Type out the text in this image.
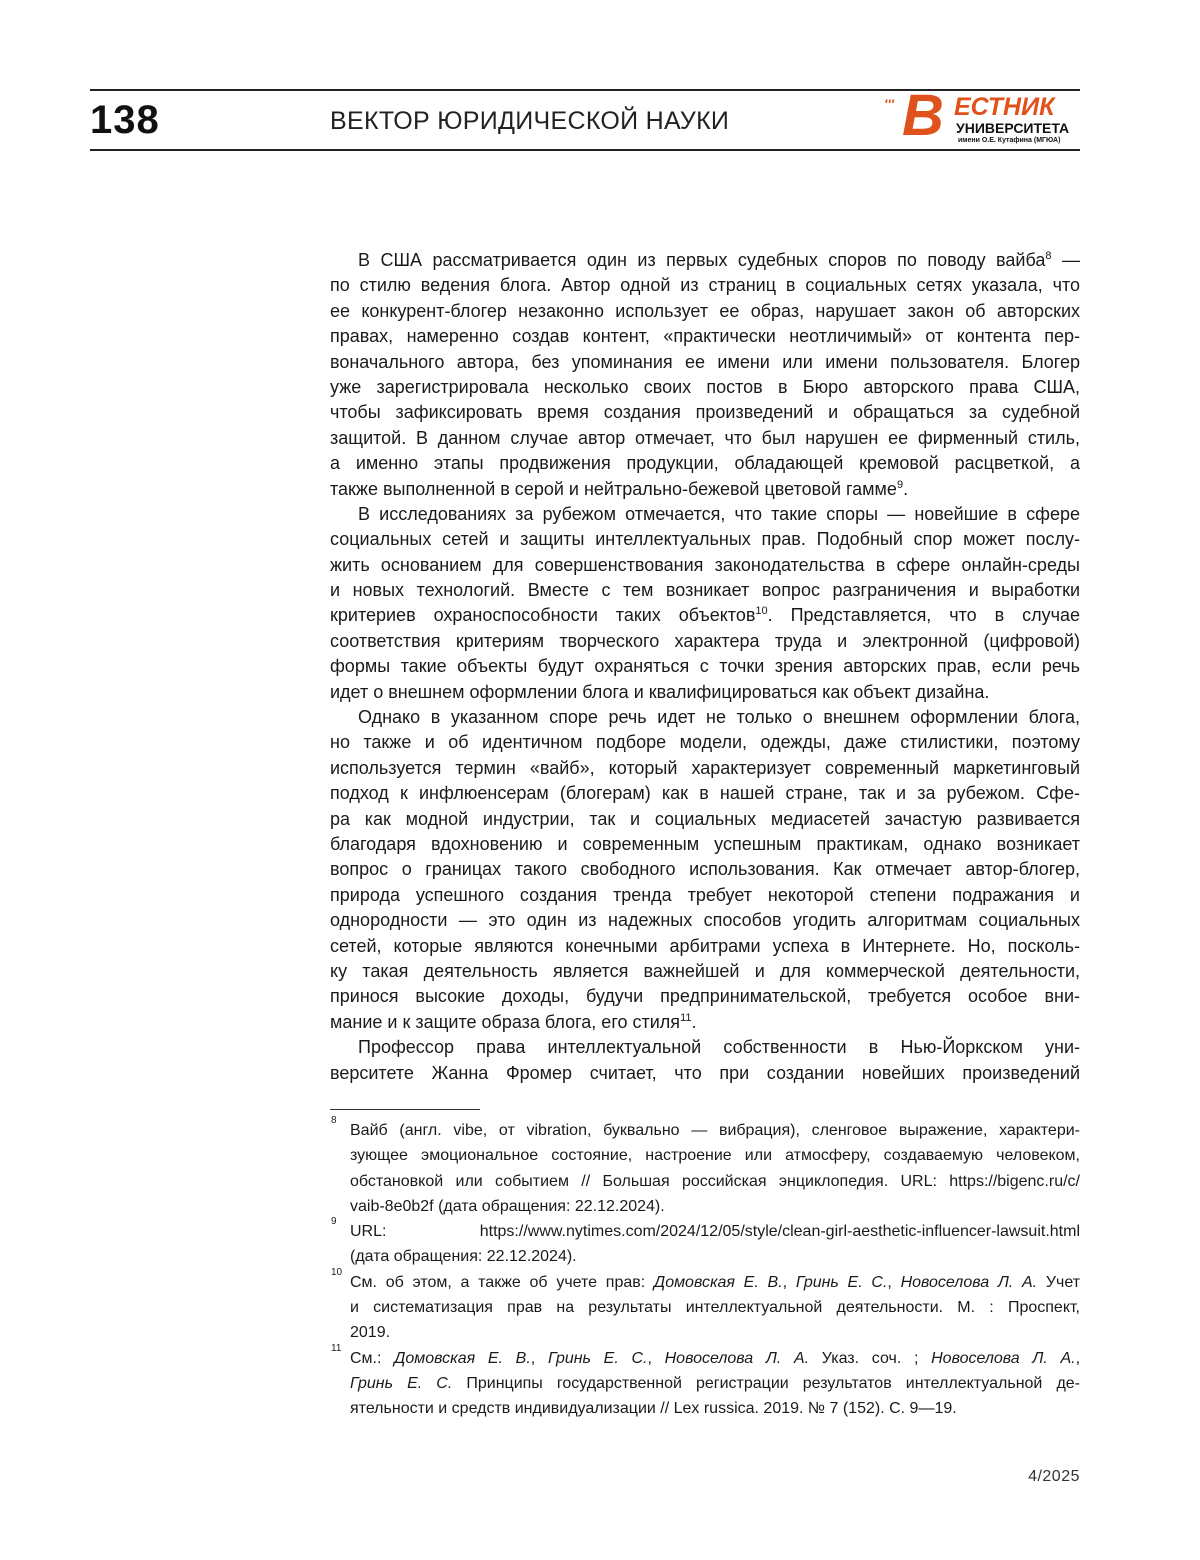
138	ВЕКТОР ЮРИДИЧЕСКОЙ НАУКИ
''' В ЕСТНИК
УНИВЕРСИТЕТА
имени О.Е. Кутафина (МГЮА)
В США рассматривается один из первых судебных споров по поводу вайба$^8$ —
по стилю ведения блога. Автор одной из страниц в социальных сетях указала, что
ее конкурент-блогер незаконно использует ее образ, нарушает закон об авторских
правах, намеренно создав контент, «практически неотличимый» от контента пер-
воначального автора, без упоминания ее имени или имени пользователя. Блогер
уже зарегистрировала несколько своих постов в Бюро авторского права США,
чтобы зафиксировать время создания произведений и обращаться за судебной
защитой. В данном случае автор отмечает, что был нарушен ее фирменный стиль,
а именно этапы продвижения продукции, обладающей кремовой расцветкой, а
также выполненной в серой и нейтрально-бежевой цветовой гамме$^9$.
В исследованиях за рубежом отмечается, что такие споры — новейшие в сфере
социальных сетей и защиты интеллектуальных прав. Подобный спор может послу-
жить основанием для совершенствования законодательства в сфере онлайн-среды
и новых технологий. Вместе с тем возникает вопрос разграничения и выработки
критериев охраноспособности таких объектов$^{10}$. Представляется, что в случае
соответствия критериям творческого характера труда и электронной (цифровой)
формы такие объекты будут охраняться с точки зрения авторских прав, если речь
идет о внешнем оформлении блога и квалифицироваться как объект дизайна.
Однако в указанном споре речь идет не только о внешнем оформлении блога,
но также и об идентичном подборе модели, одежды, даже стилистики, поэтому
используется термин «вайб», который характеризует современный маркетинговый
подход к инфлюенсерам (блогерам) как в нашей стране, так и за рубежом. Сфе-
ра как модной индустрии, так и социальных медиасетей зачастую развивается
благодаря вдохновению и современным успешным практикам, однако возникает
вопрос о границах такого свободного использования. Как отмечает автор-блогер,
природа успешного создания тренда требует некоторой степени подражания и
однородности — это один из надежных способов угодить алгоритмам социальных
сетей, которые являются конечными арбитрами успеха в Интернете. Но, посколь-
ку такая деятельность является важнейшей и для коммерческой деятельности,
принося высокие доходы, будучи предпринимательской, требуется особое вни-
мание и к защите образа блога, его стиля$^{11}$.
Профессор права интеллектуальной собственности в Нью-Йоркском уни-
верситете Жанна Фромер считает, что при создании новейших произведений
8
Вайб (англ. vibe, от vibration, буквально — вибрация), сленговое выражение, характери-
зующее эмоциональное состояние, настроение или атмосферу, создаваемую человеком,
обстановкой или событием // Большая российская энциклопедия. URL: https://bigenc.ru/c/
vaib-8e0b2f (дата обращения: 22.12.2024).
9
URL: https://www.nytimes.com/2024/12/05/style/clean-girl-aesthetic-influencer-lawsuit.html
(дата обращения: 22.12.2024).
10
См. об этом, а также об учете прав: Домовская Е. В., Гринь Е. С., Новоселова Л. А. Учет
и систематизация прав на результаты интеллектуальной деятельности. М. : Проспект,
2019.
11
См.: Домовская Е. В., Гринь Е. С., Новоселова Л. А. Указ. соч. ; Новоселова Л. А.,
Гринь Е. С. Принципы государственной регистрации результатов интеллектуальной де-
ятельности и средств индивидуализации // Lex russica. 2019. № 7 (152). С. 9—19.
4/2025
